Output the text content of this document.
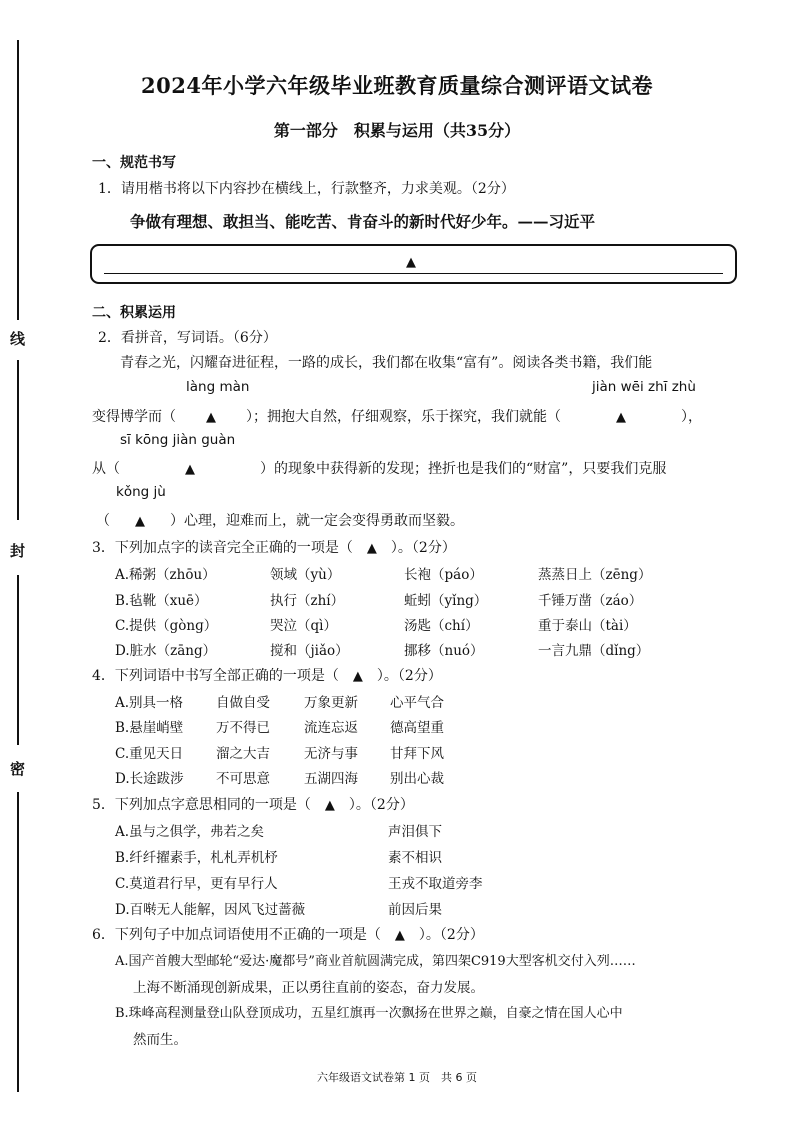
线
封
密
2024年小学六年级毕业班教育质量综合测评语文试卷
第一部分　积累与运用（共35分）
一、规范书写
1．请用楷书将以下内容抄在横线上，行款整齐，力求美观。（2分）
争做有理想、敢担当、能吃苦、肯奋斗的新时代好少年。——习近平
▲
二、积累运用
2．看拼音，写词语。（6分）
青春之光，闪耀奋进征程，一路的成长，我们都在收集“富有”。阅读各类书籍，我们能
làng màn	jiàn wēi zhī zhù
变得博学而（ ▲ ）；拥抱大自然，仔细观察，乐于探究，我们就能（	▲	），
sī kōng jiàn guàn
从（	▲	）的现象中获得新的发现；挫折也是我们的“财富”，只要我们克服
kǒng jù
（ ▲ ）心理，迎难而上，就一定会变得勇敢而坚毅。
3．下列加点字的读音完全正确的一项是（ ▲ ）。（2分）
A.稀粥（zhōu）	领域（yù）	长袍（páo）	蒸蒸日上（zēng）
B.毡靴（xuē）	执行（zhí）	蚯蚓（yǐng）	千锤万凿（záo）
C.提供（gònɡ）	哭泣（qì）	汤匙（chí）	重于泰山（tài）
D.脏水（zāng）	搅和（jiǎo）	挪移（nuó）	一言九鼎（dǐng）
4．下列词语中书写全部正确的一项是（ ▲ ）。（2分）
A.别具一格 自做自受	万象更新 心平气合
B.悬崖峭壁 万不得已	流连忘返 德高望重
C.重见天日 溜之大吉	无济与事 甘拜下风
D.长途跋涉 不可思意	五湖四海 别出心裁
5．下列加点字意思相同的一项是（ ▲ ）。（2分）
A.虽与之俱学，弗若之矣	声泪俱下
B.纤纤擢素手，札札弄机杼	素不相识
C.莫道君行早，更有早行人	王戎不取道旁李
D.百啭无人能解，因风飞过蔷薇	前因后果
6．下列句子中加点词语使用不正确的一项是（ ▲ ）。（2分）
A.国产首艘大型邮轮“爱达·魔都号”商业首航圆满完成，第四架C919大型客机交付入列……
上海不断涌现创新成果，正以勇往直前的姿态，奋力发展。
B.珠峰高程测量登山队登顶成功，五星红旗再一次飘扬在世界之巅，自豪之情在国人心中
然而生。
六年级语文试卷第 1 页　共 6 页
